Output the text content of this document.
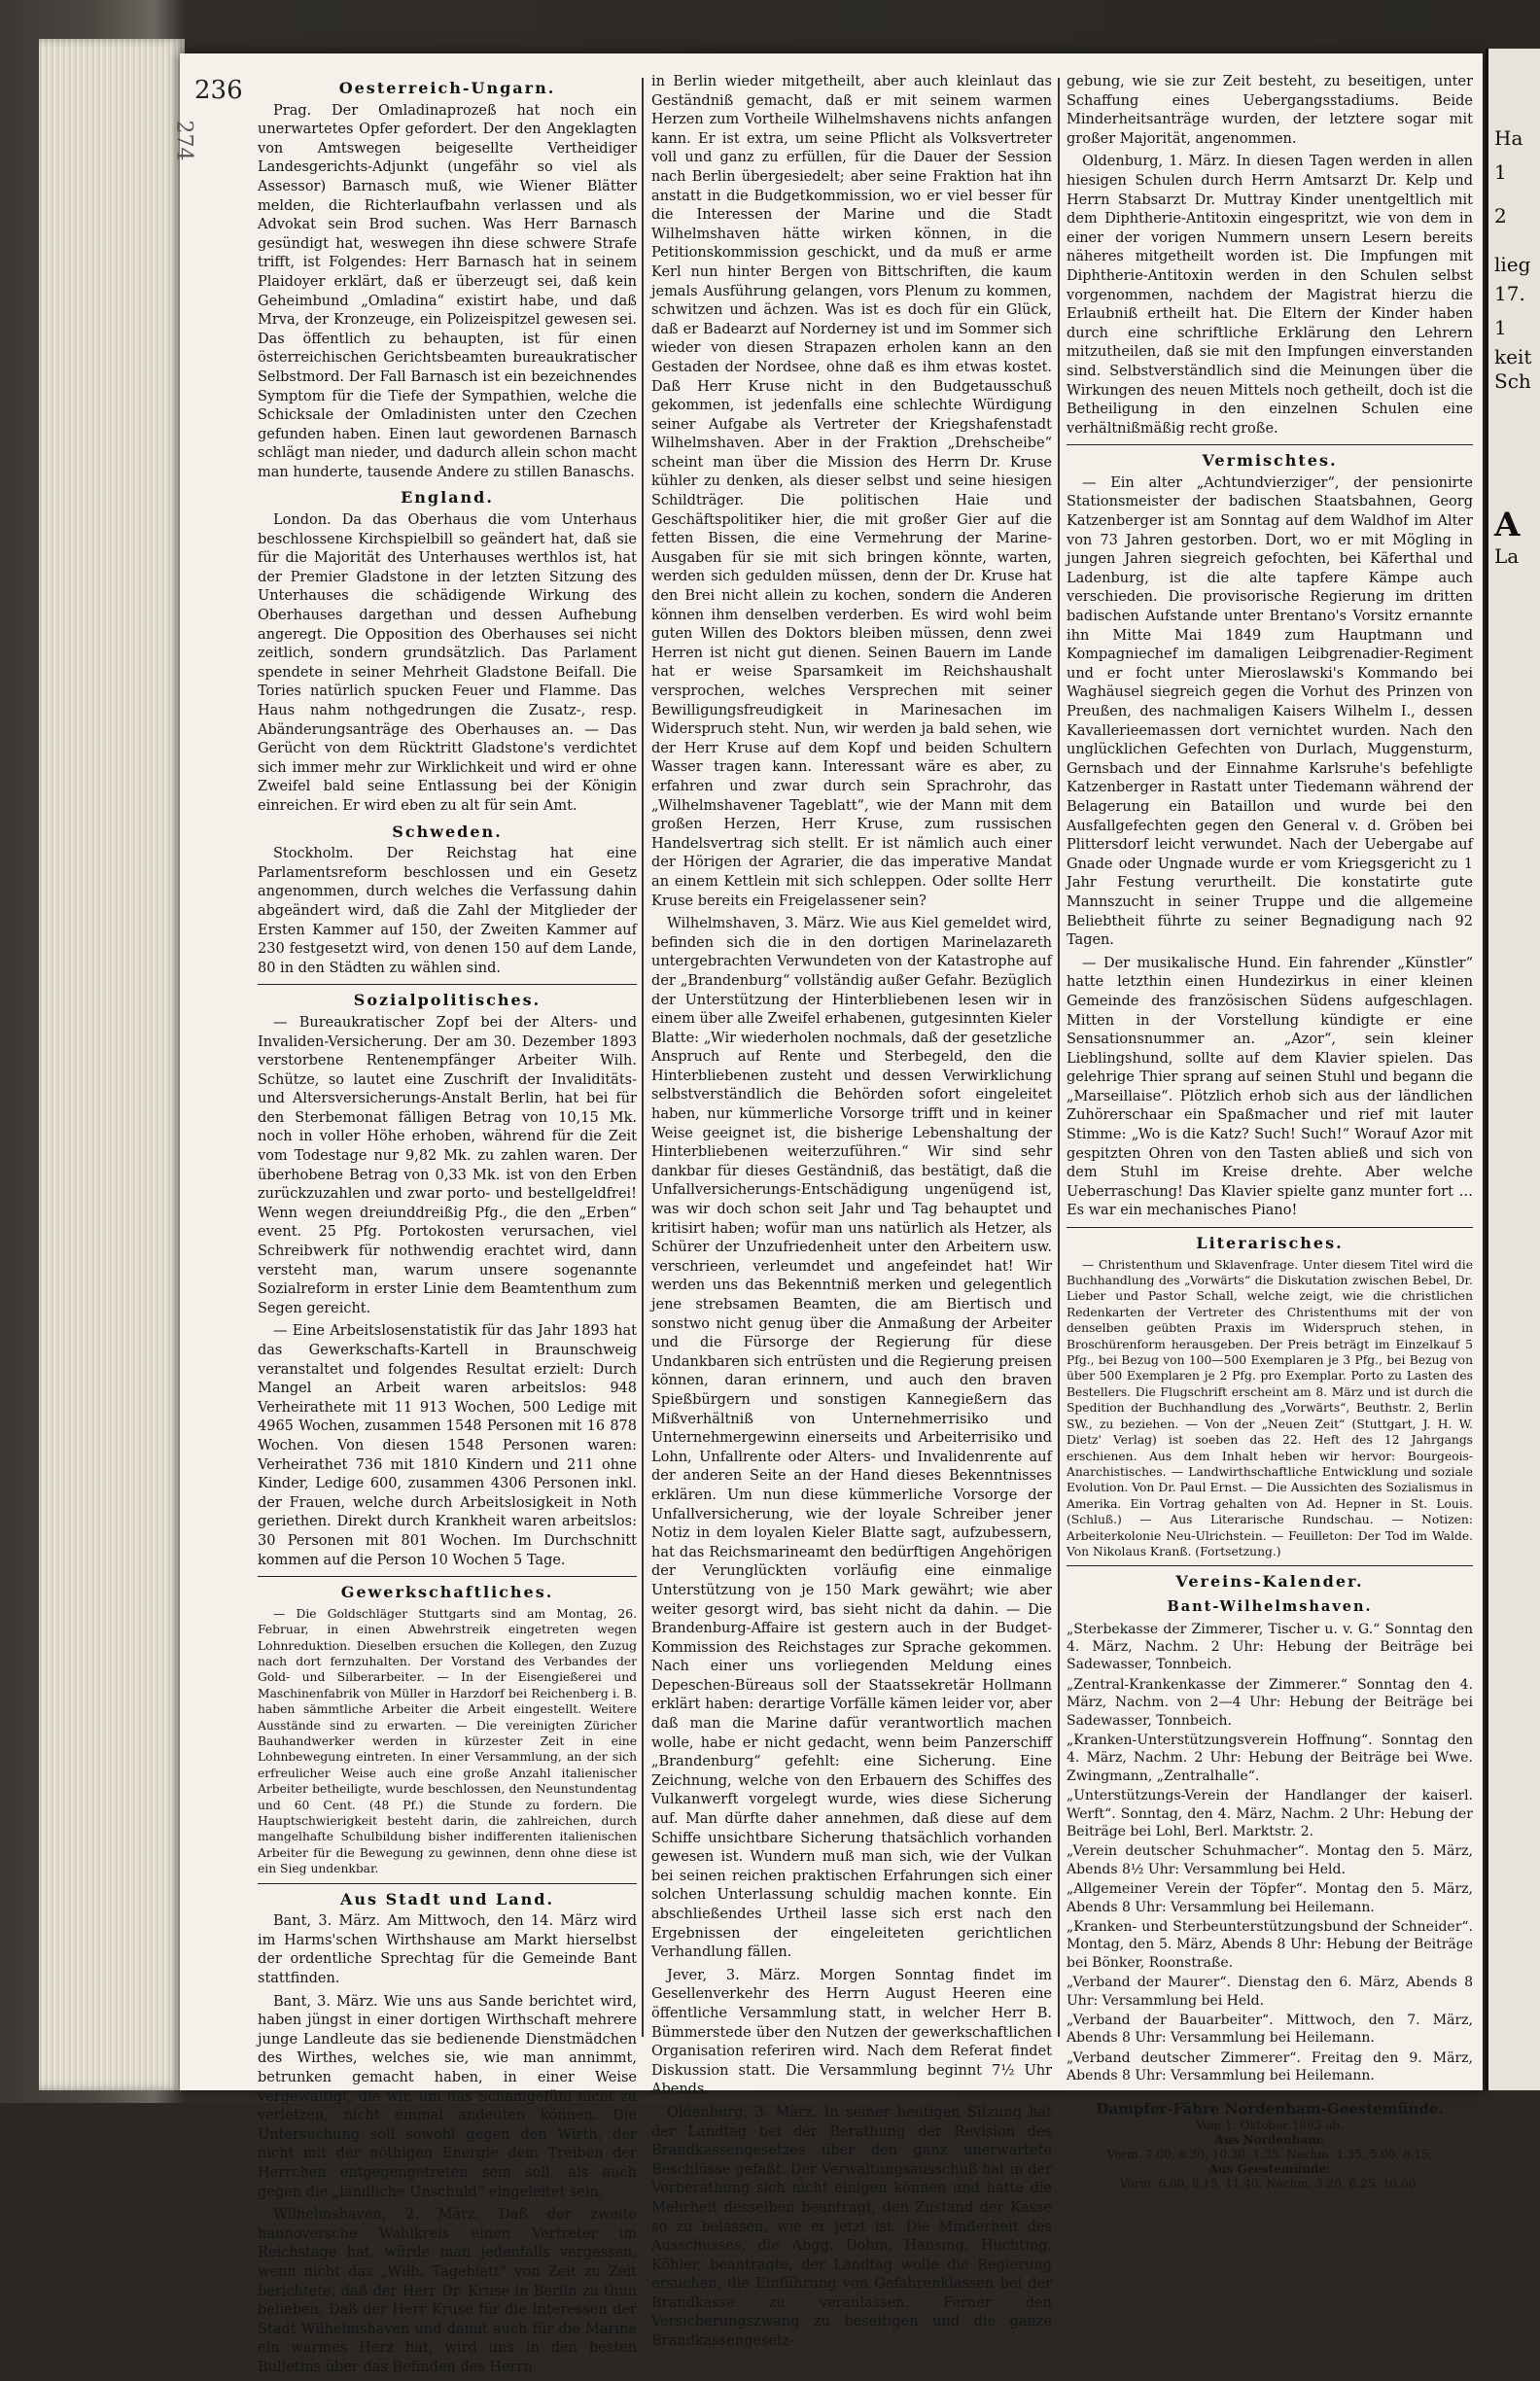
236
274
Oesterreich-Ungarn.

Prag. Der Omladinaprozeß hat noch ein unerwartetes Opfer gefordert. Der den Angeklagten von Amtswegen beigesellte Vertheidiger Landesgerichts-Adjunkt (ungefähr so viel als Assessor) Barnasch muß, wie Wiener Blätter melden, die Richterlaufbahn verlassen und als Advokat sein Brod suchen. Was Herr Barnasch gesündigt hat, weswegen ihn diese schwere Strafe trifft, ist Folgendes: Herr Barnasch hat in seinem Plaidoyer erklärt, daß er überzeugt sei, daß kein Geheimbund „Omladina“ existirt habe, und daß Mrva, der Kronzeuge, ein Polizeispitzel gewesen sei. Das öffentlich zu behaupten, ist für einen österreichischen Gerichtsbeamten bureaukratischer Selbstmord. Der Fall Barnasch ist ein bezeichnendes Symptom für die Tiefe der Sympathien, welche die Schicksale der Omladinisten unter den Czechen gefunden haben. Einen laut gewordenen Barnasch schlägt man nieder, und dadurch allein schon macht man hunderte, tausende Andere zu stillen Banaschs.

England.

London. Da das Oberhaus die vom Unterhaus beschlossene Kirchspielbill so geändert hat, daß sie für die Majorität des Unterhauses werthlos ist, hat der Premier Gladstone in der letzten Sitzung des Unterhauses die schädigende Wirkung des Oberhauses dargethan und dessen Aufhebung angeregt. Die Opposition des Oberhauses sei nicht zeitlich, sondern grundsätzlich. Das Parlament spendete in seiner Mehrheit Gladstone Beifall. Die Tories natürlich spucken Feuer und Flamme. Das Haus nahm nothgedrungen die Zusatz-, resp. Abänderungsanträge des Oberhauses an. — Das Gerücht von dem Rücktritt Gladstone's verdichtet sich immer mehr zur Wirklichkeit und wird er ohne Zweifel bald seine Entlassung bei der Königin einreichen. Er wird eben zu alt für sein Amt.

Schweden.

Stockholm. Der Reichstag hat eine Parlamentsreform beschlossen und ein Gesetz angenommen, durch welches die Verfassung dahin abgeändert wird, daß die Zahl der Mitglieder der Ersten Kammer auf 150, der Zweiten Kammer auf 230 festgesetzt wird, von denen 150 auf dem Lande, 80 in den Städten zu wählen sind.

Sozialpolitisches.

— Bureaukratischer Zopf bei der Alters- und Invaliden-Versicherung. Der am 30. Dezember 1893 verstorbene Rentenempfänger Arbeiter Wilh. Schütze, so lautet eine Zuschrift der Invaliditäts- und Altersversicherungs-Anstalt Berlin, hat bei für den Sterbemonat fälligen Betrag von 10,15 Mk. noch in voller Höhe erhoben, während für die Zeit vom Todestage nur 9,82 Mk. zu zahlen waren. Der überhobene Betrag von 0,33 Mk. ist von den Erben zurückzuzahlen und zwar porto- und bestellgeldfrei! Wenn wegen dreiunddreißig Pfg., die den „Erben“ event. 25 Pfg. Portokosten verursachen, viel Schreibwerk für nothwendig erachtet wird, dann versteht man, warum unsere sogenannte Sozialreform in erster Linie dem Beamtenthum zum Segen gereicht.

— Eine Arbeitslosenstatistik für das Jahr 1893 hat das Gewerkschafts-Kartell in Braunschweig veranstaltet und folgendes Resultat erzielt: Durch Mangel an Arbeit waren arbeitslos: 948 Verheirathete mit 11 913 Wochen, 500 Ledige mit 4965 Wochen, zusammen 1548 Personen mit 16 878 Wochen. Von diesen 1548 Personen waren: Verheirathet 736 mit 1810 Kindern und 211 ohne Kinder, Ledige 600, zusammen 4306 Personen inkl. der Frauen, welche durch Arbeitslosigkeit in Noth geriethen. Direkt durch Krankheit waren arbeitslos: 30 Personen mit 801 Wochen. Im Durchschnitt kommen auf die Person 10 Wochen 5 Tage.

Gewerkschaftliches.

— Die Goldschläger Stuttgarts sind am Montag, 26. Februar, in einen Abwehrstreik eingetreten wegen Lohnreduktion. Dieselben ersuchen die Kollegen, den Zuzug nach dort fernzuhalten. Der Vorstand des Verbandes der Gold- und Silberarbeiter. — In der Eisengießerei und Maschinenfabrik von Müller in Harzdorf bei Reichenberg i. B. haben sämmtliche Arbeiter die Arbeit eingestellt. Weitere Ausstände sind zu erwarten. — Die vereinigten Züricher Bauhandwerker werden in kürzester Zeit in eine Lohnbewegung eintreten. In einer Versammlung, an der sich erfreulicher Weise auch eine große Anzahl italienischer Arbeiter betheiligte, wurde beschlossen, den Neunstundentag und 60 Cent. (48 Pf.) die Stunde zu fordern. Die Hauptschwierigkeit besteht darin, die zahlreichen, durch mangelhafte Schulbildung bisher indifferenten italienischen Arbeiter für die Bewegung zu gewinnen, denn ohne diese ist ein Sieg undenkbar.

Aus Stadt und Land.

Bant, 3. März. Am Mittwoch, den 14. März wird im Harms'schen Wirthshause am Markt hierselbst der ordentliche Sprechtag für die Gemeinde Bant stattfinden.

Bant, 3. März. Wie uns aus Sande berichtet wird, haben jüngst in einer dortigen Wirthschaft mehrere junge Landleute das sie bedienende Dienstmädchen des Wirthes, welches sie, wie man annimmt, betrunken gemacht haben, in einer Weise vergewaltigt, die wir, um das Schamgefühl nicht zu verletzen, nicht einmal andeuten können. Die Untersuchung soll sowohl gegen den Wirth, der nicht mit der nöthigen Energie dem Treiben der Herrchen entgegengetreten sein soll, als auch gegen die „ländliche Unschuld“ eingeleitet sein.

Wilhelmshaven, 2. März. Daß der zweite hannoversche Wahlkreis einen Vertreter im Reichstage hat, würde man jedenfalls vergessen, wenn nicht das „Wilh. Tageblatt“ von Zeit zu Zeit berichtete, daß der Herr Dr. Kruse in Berlin zu thun belieben. Daß der Herr Kruse für die Interessen der Stadt Wilhelmshaven und damit auch für die Marine ein warmes Herz hat, wird uns in den besten Bulletins über das Befinden des Herrn

in Berlin wieder mitgetheilt, aber auch kleinlaut das Geständniß gemacht, daß er mit seinem warmen Herzen zum Vortheile Wilhelmshavens nichts anfangen kann. Er ist extra, um seine Pflicht als Volksvertreter voll und ganz zu erfüllen, für die Dauer der Session nach Berlin übergesiedelt; aber seine Fraktion hat ihn anstatt in die Budgetkommission, wo er viel besser für die Interessen der Marine und die Stadt Wilhelmshaven hätte wirken können, in die Petitionskommission geschickt, und da muß er arme Kerl nun hinter Bergen von Bittschriften, die kaum jemals Ausführung gelangen, vors Plenum zu kommen, schwitzen und ächzen. Was ist es doch für ein Glück, daß er Badearzt auf Norderney ist und im Sommer sich wieder von diesen Strapazen erholen kann an den Gestaden der Nordsee, ohne daß es ihm etwas kostet. Daß Herr Kruse nicht in den Budgetausschuß gekommen, ist jedenfalls eine schlechte Würdigung seiner Aufgabe als Vertreter der Kriegshafenstadt Wilhelmshaven. Aber in der Fraktion „Drehscheibe“ scheint man über die Mission des Herrn Dr. Kruse kühler zu denken, als dieser selbst und seine hiesigen Schildträger. Die politischen Haie und Geschäftspolitiker hier, die mit großer Gier auf die fetten Bissen, die eine Vermehrung der Marine-Ausgaben für sie mit sich bringen könnte, warten, werden sich gedulden müssen, denn der Dr. Kruse hat den Brei nicht allein zu kochen, sondern die Anderen können ihm denselben verderben. Es wird wohl beim guten Willen des Doktors bleiben müssen, denn zwei Herren ist nicht gut dienen. Seinen Bauern im Lande hat er weise Sparsamkeit im Reichshaushalt versprochen, welches Versprechen mit seiner Bewilligungsfreudigkeit in Marinesachen im Widerspruch steht. Nun, wir werden ja bald sehen, wie der Herr Kruse auf dem Kopf und beiden Schultern Wasser tragen kann. Interessant wäre es aber, zu erfahren und zwar durch sein Sprachrohr, das „Wilhelmshavener Tageblatt“, wie der Mann mit dem großen Herzen, Herr Kruse, zum russischen Handelsvertrag sich stellt. Er ist nämlich auch einer der Hörigen der Agrarier, die das imperative Mandat an einem Kettlein mit sich schleppen. Oder sollte Herr Kruse bereits ein Freigelassener sein?

Wilhelmshaven, 3. März. Wie aus Kiel gemeldet wird, befinden sich die in den dortigen Marinelazareth untergebrachten Verwundeten von der Katastrophe auf der „Brandenburg“ vollständig außer Gefahr. Bezüglich der Unterstützung der Hinterbliebenen lesen wir in einem über alle Zweifel erhabenen, gutgesinnten Kieler Blatte: „Wir wiederholen nochmals, daß der gesetzliche Anspruch auf Rente und Sterbegeld, den die Hinterbliebenen zusteht und dessen Verwirklichung selbstverständlich die Behörden sofort eingeleitet haben, nur kümmerliche Vorsorge trifft und in keiner Weise geeignet ist, die bisherige Lebenshaltung der Hinterbliebenen weiterzuführen.“ Wir sind sehr dankbar für dieses Geständniß, das bestätigt, daß die Unfallversicherungs-Entschädigung ungenügend ist, was wir doch schon seit Jahr und Tag behauptet und kritisirt haben; wofür man uns natürlich als Hetzer, als Schürer der Unzufriedenheit unter den Arbeitern usw. verschrieen, verleumdet und angefeindet hat! Wir werden uns das Bekenntniß merken und gelegentlich jene strebsamen Beamten, die am Biertisch und sonstwo nicht genug über die Anmaßung der Arbeiter und die Fürsorge der Regierung für diese Undankbaren sich entrüsten und die Regierung preisen können, daran erinnern, und auch den braven Spießbürgern und sonstigen Kannegießern das Mißverhältniß von Unternehmerrisiko und Unternehmergewinn einerseits und Arbeiterrisiko und Lohn, Unfallrente oder Alters- und Invalidenrente auf der anderen Seite an der Hand dieses Bekenntnisses erklären. Um nun diese kümmerliche Vorsorge der Unfallversicherung, wie der loyale Schreiber jener Notiz in dem loyalen Kieler Blatte sagt, aufzubessern, hat das Reichsmarineamt den bedürftigen Angehörigen der Verunglückten vorläufig eine einmalige Unterstützung von je 150 Mark gewährt; wie aber weiter gesorgt wird, bas sieht nicht da dahin. — Die Brandenburg-Affaire ist gestern auch in der Budget-Kommission des Reichstages zur Sprache gekommen. Nach einer uns vorliegenden Meldung eines Depeschen-Büreaus soll der Staatssekretär Hollmann erklärt haben: derartige Vorfälle kämen leider vor, aber daß man die Marine dafür verantwortlich machen wolle, habe er nicht gedacht, wenn beim Panzerschiff „Brandenburg“ gefehlt: eine Sicherung. Eine Zeichnung, welche von den Erbauern des Schiffes des Vulkanwerft vorgelegt wurde, wies diese Sicherung auf. Man dürfte daher annehmen, daß diese auf dem Schiffe unsichtbare Sicherung thatsächlich vorhanden gewesen ist. Wundern muß man sich, wie der Vulkan bei seinen reichen praktischen Erfahrungen sich einer solchen Unterlassung schuldig machen konnte. Ein abschließendes Urtheil lasse sich erst nach den Ergebnissen der eingeleiteten gerichtlichen Verhandlung fällen.

Jever, 3. März. Morgen Sonntag findet im Gesellenverkehr des Herrn August Heeren eine öffentliche Versammlung statt, in welcher Herr B. Bümmerstede über den Nutzen der gewerkschaftlichen Organisation referiren wird. Nach dem Referat findet Diskussion statt. Die Versammlung beginnt 7½ Uhr Abends.

Oldenburg, 3. März. In seiner heutigen Sitzung hat der Landtag bei der Berathung der Revision des Brandkassengesetzes über den ganz unerwartete Beschlüsse gefaßt. Der Verwaltungsausschuß hat in der Vorberathung sich nicht einigen können und hatte die Mehrheit desselben beantragt, den Zustand der Kasse so zu belassen, wie er jetzt ist. Die Minderheit des Ausschusses, die Abgg. Dohm, Hansing, Huchting, Köhler, beantragte, der Landtag wolle die Regierung ersuchen, die Einführung von Gefahrenklassen bei der Brandkasse zu veranlassen. Ferner den Versicherungszwang zu beseitigen und die ganze Brandkassengesetz-

gebung, wie sie zur Zeit besteht, zu beseitigen, unter Schaffung eines Uebergangsstadiums. Beide Minderheitsanträge wurden, der letztere sogar mit großer Majorität, angenommen.

Oldenburg, 1. März. In diesen Tagen werden in allen hiesigen Schulen durch Herrn Amtsarzt Dr. Kelp und Herrn Stabsarzt Dr. Muttray Kinder unentgeltlich mit dem Diphtherie-Antitoxin eingespritzt, wie von dem in einer der vorigen Nummern unsern Lesern bereits näheres mitgetheilt worden ist. Die Impfungen mit Diphtherie-Antitoxin werden in den Schulen selbst vorgenommen, nachdem der Magistrat hierzu die Erlaubniß ertheilt hat. Die Eltern der Kinder haben durch eine schriftliche Erklärung den Lehrern mitzutheilen, daß sie mit den Impfungen einverstanden sind. Selbstverständlich sind die Meinungen über die Wirkungen des neuen Mittels noch getheilt, doch ist die Betheiligung in den einzelnen Schulen eine verhältnißmäßig recht große.

Vermischtes.

— Ein alter „Achtundvierziger“, der pensionirte Stationsmeister der badischen Staatsbahnen, Georg Katzenberger ist am Sonntag auf dem Waldhof im Alter von 73 Jahren gestorben. Dort, wo er mit Mögling in jungen Jahren siegreich gefochten, bei Käferthal und Ladenburg, ist die alte tapfere Kämpe auch verschieden. Die provisorische Regierung im dritten badischen Aufstande unter Brentano's Vorsitz ernannte ihn Mitte Mai 1849 zum Hauptmann und Kompagniechef im damaligen Leibgrenadier-Regiment und er focht unter Mieroslawski's Kommando bei Waghäusel siegreich gegen die Vorhut des Prinzen von Preußen, des nachmaligen Kaisers Wilhelm I., dessen Kavallerieemassen dort vernichtet wurden. Nach den unglücklichen Gefechten von Durlach, Muggensturm, Gernsbach und der Einnahme Karlsruhe's befehligte Katzenberger in Rastatt unter Tiedemann während der Belagerung ein Bataillon und wurde bei den Ausfallgefechten gegen den General v. d. Gröben bei Plittersdorf leicht verwundet. Nach der Uebergabe auf Gnade oder Ungnade wurde er vom Kriegsgericht zu 1 Jahr Festung verurtheilt. Die konstatirte gute Mannszucht in seiner Truppe und die allgemeine Beliebtheit führte zu seiner Begnadigung nach 92 Tagen.

— Der musikalische Hund. Ein fahrender „Künstler“ hatte letzthin einen Hundezirkus in einer kleinen Gemeinde des französischen Südens aufgeschlagen. Mitten in der Vorstellung kündigte er eine Sensationsnummer an. „Azor“, sein kleiner Lieblingshund, sollte auf dem Klavier spielen. Das gelehrige Thier sprang auf seinen Stuhl und begann die „Marseillaise“. Plötzlich erhob sich aus der ländlichen Zuhörerschaar ein Spaßmacher und rief mit lauter Stimme: „Wo is die Katz? Such! Such!“ Worauf Azor mit gespitzten Ohren von den Tasten abließ und sich von dem Stuhl im Kreise drehte. Aber welche Ueberraschung! Das Klavier spielte ganz munter fort … Es war ein mechanisches Piano!

Literarisches.

— Christenthum und Sklavenfrage. Unter diesem Titel wird die Buchhandlung des „Vorwärts“ die Diskutation zwischen Bebel, Dr. Lieber und Pastor Schall, welche zeigt, wie die christlichen Redenkarten der Vertreter des Christenthums mit der von denselben geübten Praxis im Widerspruch stehen, in Broschürenform herausgeben. Der Preis beträgt im Einzelkauf 5 Pfg., bei Bezug von 100—500 Exemplaren je 3 Pfg., bei Bezug von über 500 Exemplaren je 2 Pfg. pro Exemplar. Porto zu Lasten des Bestellers. Die Flugschrift erscheint am 8. März und ist durch die Spedition der Buchhandlung des „Vorwärts“, Beuthstr. 2, Berlin SW., zu beziehen. — Von der „Neuen Zeit“ (Stuttgart, J. H. W. Dietz' Verlag) ist soeben das 22. Heft des 12 Jahrgangs erschienen. Aus dem Inhalt heben wir hervor: Bourgeois-Anarchistisches. — Landwirthschaftliche Entwicklung und soziale Evolution. Von Dr. Paul Ernst. — Die Aussichten des Sozialismus in Amerika. Ein Vortrag gehalten von Ad. Hepner in St. Louis. (Schluß.) — Aus Literarische Rundschau. — Notizen: Arbeiterkolonie Neu-Ulrichstein. — Feuilleton: Der Tod im Walde. Von Nikolaus Kranß. (Fortsetzung.)

Vereins-Kalender.
Bant-Wilhelmshaven.
„Sterbekasse der Zimmerer, Tischer u. v. G.“ Sonntag den 4. März, Nachm. 2 Uhr: Hebung der Beiträge bei Sadewasser, Tonnbeich.
„Zentral-Krankenkasse der Zimmerer.“ Sonntag den 4. März, Nachm. von 2—4 Uhr: Hebung der Beiträge bei Sadewasser, Tonnbeich.
„Kranken-Unterstützungsverein Hoffnung“. Sonntag den 4. März, Nachm. 2 Uhr: Hebung der Beiträge bei Wwe. Zwingmann, „Zentralhalle“.
„Unterstützungs-Verein der Handlanger der kaiserl. Werft“. Sonntag, den 4. März, Nachm. 2 Uhr: Hebung der Beiträge bei Lohl, Berl. Marktstr. 2.
„Verein deutscher Schuhmacher“. Montag den 5. März, Abends 8½ Uhr: Versammlung bei Held.
„Allgemeiner Verein der Töpfer“. Montag den 5. März, Abends 8 Uhr: Versammlung bei Heilemann.
„Kranken- und Sterbeunterstützungsbund der Schneider“. Montag, den 5. März, Abends 8 Uhr: Hebung der Beiträge bei Bönker, Roonstraße.
„Verband der Maurer“. Dienstag den 6. März, Abends 8 Uhr: Versammlung bei Held.
„Verband der Bauarbeiter“. Mittwoch, den 7. März, Abends 8 Uhr: Versammlung bei Heilemann.
„Verband deutscher Zimmerer“. Freitag den 9. März, Abends 8 Uhr: Versammlung bei Heilemann.
Dampfer-Fähre Nordenham-Geestemünde.
Vom 1. Oktober 1893 ab.
Aus Nordenham:
Vorm. 7.00, 8.30, 10.30, 1.35. Nachm. 1.35, 5.00, 8.15,
Aus Geestemünde:
Vorm. 6.00, 8.15, 11.40. Nachm. 3.20, 6.25, 10.00.
Ha
1
2
lieg
17.
1
keit
Sch
A
La
